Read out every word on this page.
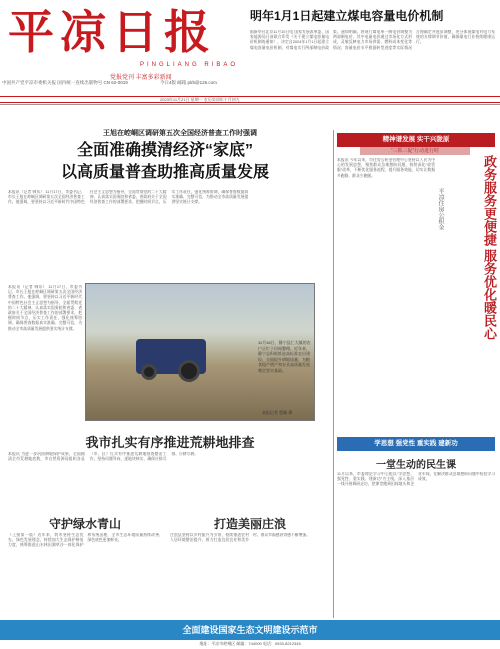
平凉日报
PINGLIANG RIBAO
党报党刊 丰富多彩新闻
中国共产党平凉市委机关报 国内统一连续出版物号 CN 62-0019	今日4版 邮箱 plrb@126.com
2023年11月21日 星期一 农历癸卯年十月初九
明年1月1日起建立煤电容量电价机制
据新华社北京11月10日电 国家发展改革委、国家能源局日前联合印发《关于建立煤电容量电价机制的通知》，决定自2024年1月1日起建立煤电容量电价机制，对煤电实行两部制电价政策。通知明确，将现行煤电单一制电价调整为两部制电价，其中电量电价通过市场化方式形成，灵敏反映电力市场供需、燃料成本变化等情况；容量电价水平根据转型进度等实际情况合理确定并逐步调整，充分体现煤电对电力系统的支撑调节价值，确保煤电行业持续健康运行。
王旭在崆峒区调研第五次全国经济普查工作时强调
全面准确摸清经济“家底”
以高质量普查助推高质量发展
本报讯（记者 韩东） 11月17日，市委书记、市长王旭在崆峒区调研第五次全国经济普查工作。他强调，要坚持以习近平新时代中国特色社会主义思想为指导，全面贯彻党的二十大精神，认真落实国务院和省委、省政府关于全国经济普查工作的部署要求，把握时间节点，压实工作责任，强化统筹协调，确保普查数据真实准确、完整可信，为推动全市高质量发展提供坚实统计支撑。
11月16日，静宁县仁大镇的农户正忙于田间整理。近年来，静宁县积极推进高标准农田建设，全面提升耕地质量，为粮食稳产增产和农业高质量发展奠定坚实基础。
本报记者 程顺 摄
本报讯（记者 韩东） 11月17日，市委书记、市长王旭在崆峒区调研第五次全国经济普查工作。他强调，要坚持以习近平新时代中国特色社会主义思想为指导，全面贯彻党的二十大精神，认真落实国务院和省委、省政府关于全国经济普查工作的部署要求，把握时间节点，压实工作责任，强化统筹协调，确保普查数据真实准确、完整可信，为推动全市高质量发展提供坚实统计支撑。
我市扎实有序推进荒耕地排查
本报讯 为进一步巩固耕地保护成果，全面摸清全市荒耕地底数，市自然资源局组织各县（市、区）扎实有序推进荒耕地排查整治工作，坚持问题导向，逐地块核实，确保应排尽排、应耕尽耕。
守护绿水青山
（上接第一版）近年来，我市坚持生态优先、绿色发展理念，持续加大生态保护修复力度，统筹推进山水林田湖草沙一体化保护和系统治理，全市生态环境质量持续改善，绿色底色更加鲜亮。
打造美丽庄浪
庄浪县坚持以乡村振兴为引领，持续推进农村人居环境整治提升，着力打造宜居宜业和美乡村，群众幸福感获得感不断增强。
精神谱发展 实干兴陇原
“三抓三促”行动进行时
政务服务更便捷 服务优化暖民心
平凉住房公积金
本报讯 今年以来，市住房公积金管理中心坚持以人民为中心的发展思想，聚焦群众急难愁盼问题，持续深化“放管服”改革，不断优化服务流程，提升服务效能，切实让数据多跑路、群众少跑腿。
学思想 强党性 重实践 建新功
一堂生动的民生课
11月以来，市委理论学习中心组以“学思想、强党性、重实践、建新功”为主线，深入基层一线开展调研走访，把课堂搬到田间地头和企业车间，在解决群众急难愁盼问题中检验学习成效。
全面建设国家生态文明建设示范市
地址：平凉市崆峒区 邮编：744000 电话：0933-8212345
